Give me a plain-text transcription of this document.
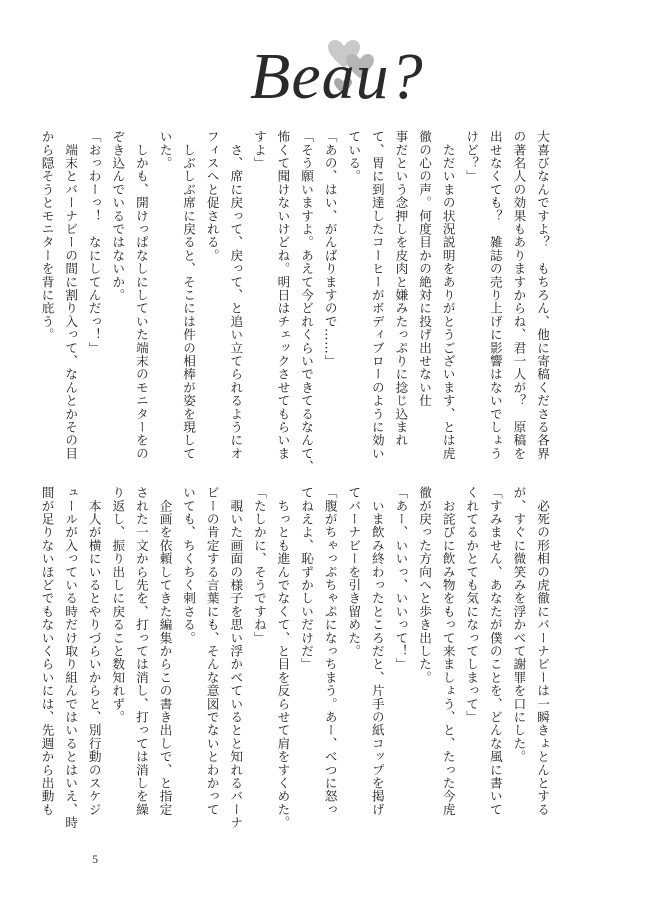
Beau?
大喜びなんですよ？　もちろん、他に寄稿くださる各界
の著名人の効果もありますからね、君一人が？　原稿を
出せなくても？　雑誌の売り上げに影響はないでしょう
けど？」
　ただいまの状況説明をありがとうございます、とは虎
徹の心の声。何度目かの絶対に投げ出せない仕
事だという念押しを皮肉と嫌みたっぷりに捻じ込まれ
て、胃に到達したコーヒーがボディブローのように効い
ている。
「あの、はい、がんばりますので……」
「そう願いますよ。あえて今どれくらいできてるなんて、
怖くて聞けないけどね。明日はチェックさせてもらいま
すよ」
　さ、席に戻って、戻って、と追い立てられるようにオ
フィスへと促される。
　しぶしぶ席に戻ると、そこには件の相棒が姿を現して
いた。
　しかも、開けっぱなしにしていた端末のモニターをの
ぞき込んでいるではないか。
「おっわーっ！　なにしてんだっ！」
　端末とバーナビーの間に割り入って、なんとかその目
から隠そうとモニターを背に庇う。
　必死の形相の虎徹にバーナビーは一瞬きょとんとする
が、すぐに微笑みを浮かべて謝罪を口にした。
「すみません、あなたが僕のことを、どんな風に書いて
くれてるかとても気になってしまって」
　お詫びに飲み物をもって来ましょう、と、たった今虎
徹が戻った方向へと歩き出した。
「あー、いいっ、いいって！」
　いま飲み終わったところだと、片手の紙コップを掲げ
てバーナビーを引き留めた。
「腹がちゃっぷちゃぷになっちまう。あー、べつに怒っ
てねえよ、恥ずかしいだけだ」
　ちっとも進んでなくて、と目を反らせて肩をすくめた。
「たしかに、そうですね」
　覗いた画面の様子を思い浮かべているとと知れるバーナ
ビーの肯定する言葉にも、そんな意図でないとわかって
いても、ちくちく刺さる。
　企画を依頼してきた編集からこの書き出しで、と指定
された一文から先を、打っては消し、打っては消しを繰
り返し、振り出しに戻ること数知れず。
　本人が横にいるとやりづらいからと、別行動のスケジ
ュールが入っている時だけ取り組んではいるとはいえ、時
間が足りないほどでもないくらいには、先週から出動も
5
